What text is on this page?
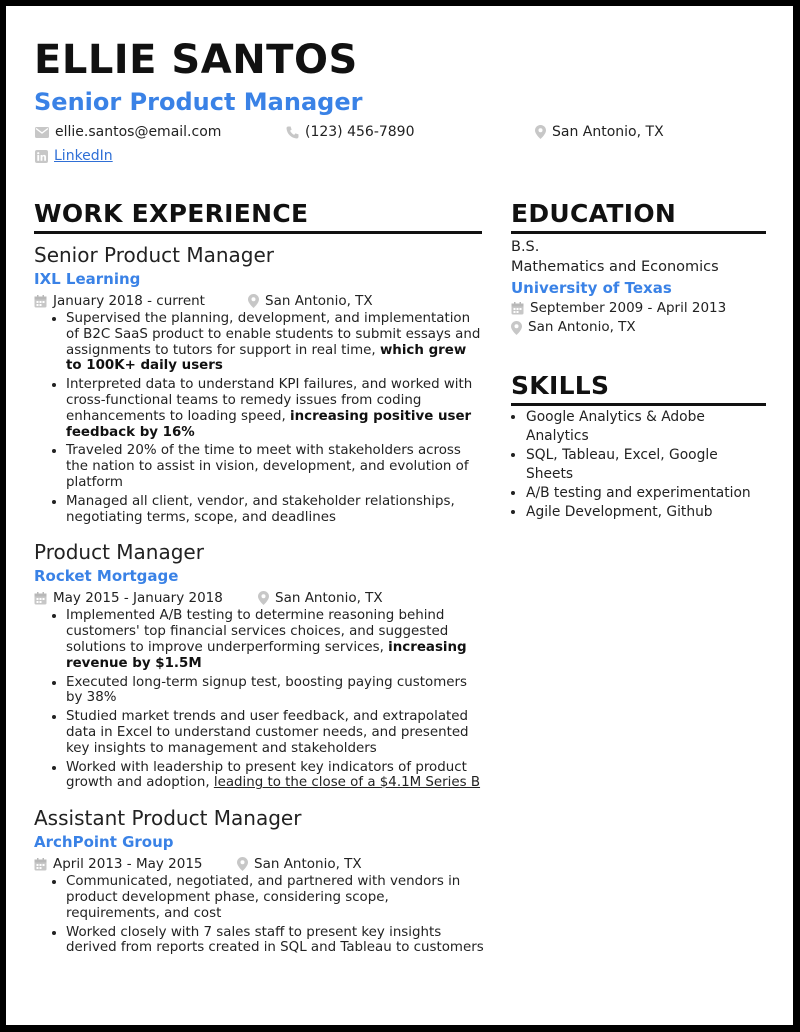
ELLIE SANTOS
Senior Product Manager
ellie.santos@email.com	(123) 456-7890	San Antonio, TX
LinkedIn
WORK EXPERIENCE	EDUCATION
SKILLS
Senior Product Manager
IXL Learning
January 2018 - current	San Antonio, TX
• Supervised the planning, development, and implementation of B2C SaaS product to enable students to submit essays and assignments to tutors for support in real time, which grew to 100K+ daily users
• Interpreted data to understand KPI failures, and worked with cross-functional teams to remedy issues from coding enhancements to loading speed, increasing positive user feedback by 16%
• Traveled 20% of the time to meet with stakeholders across the nation to assist in vision, development, and evolution of platform
• Managed all client, vendor, and stakeholder relationships, negotiating terms, scope, and deadlines
Product Manager
Rocket Mortgage
May 2015 - January 2018	San Antonio, TX
• Implemented A/B testing to determine reasoning behind customers' top financial services choices, and suggested solutions to improve underperforming services, increasing revenue by $1.5M
• Executed long-term signup test, boosting paying customers by 38%
• Studied market trends and user feedback, and extrapolated data in Excel to understand customer needs, and presented key insights to management and stakeholders
• Worked with leadership to present key indicators of product growth and adoption, leading to the close of a $4.1M Series B
Assistant Product Manager
ArchPoint Group
April 2013 - May 2015	San Antonio, TX
• Communicated, negotiated, and partnered with vendors in product development phase, considering scope, requirements, and cost
• Worked closely with 7 sales staff to present key insights derived from reports created in SQL and Tableau to customers
B.S.
Mathematics and Economics
University of Texas
September 2009 - April 2013
San Antonio, TX
• Google Analytics & Adobe Analytics
• SQL, Tableau, Excel, Google Sheets
• A/B testing and experimentation
• Agile Development, Github
